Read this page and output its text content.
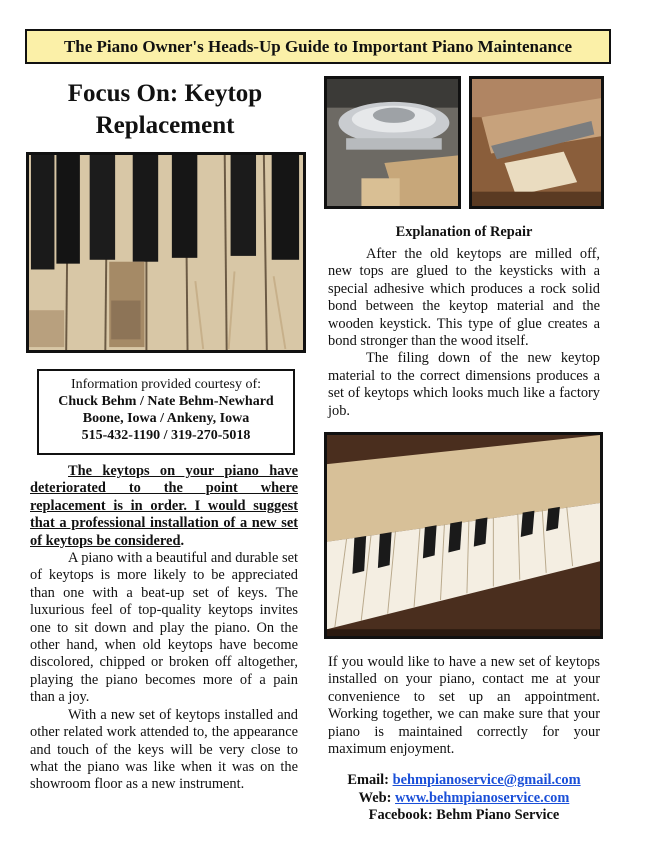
The Piano Owner's Heads-Up Guide to Important Piano Maintenance
Focus On: Keytop
Replacement
Information provided courtesy of:
Chuck Behm / Nate Behm-Newhard
Boone, Iowa / Ankeny, Iowa
515-432-1190 / 319-270-5018

The keytops on your piano have deteriorated to the point where replacement is in order. I would suggest that a professional installation of a new set of keytops be considered.

A piano with a beautiful and durable set of keytops is more likely to be appreciated than one with a beat-up set of keys. The luxurious feel of top-quality keytops invites one to sit down and play the piano. On the other hand, when old keytops have become discolored, chipped or broken off altogether, playing the piano becomes more of a pain than a joy.

With a new set of keytops installed and other related work attended to, the appearance and touch of the keys will be very close to what the piano was like when it was on the showroom floor as a new instrument.

Explanation of Repair

After the old keytops are milled off, new tops are glued to the keysticks with a special adhesive which produces a rock solid bond between the keytop material and the wooden keystick. This type of glue creates a bond stronger than the wood itself.

The filing down of the new keytop material to the correct dimensions produces a set of keytops which looks much like a factory job.

If you would like to have a new set of keytops installed on your piano, contact me at your convenience to set up an appointment. Working together, we can make sure that your piano is maintained correctly for your maximum enjoyment.

Email: behmpianoservice@gmail.com
Web: www.behmpianoservice.com
Facebook: Behm Piano Service
